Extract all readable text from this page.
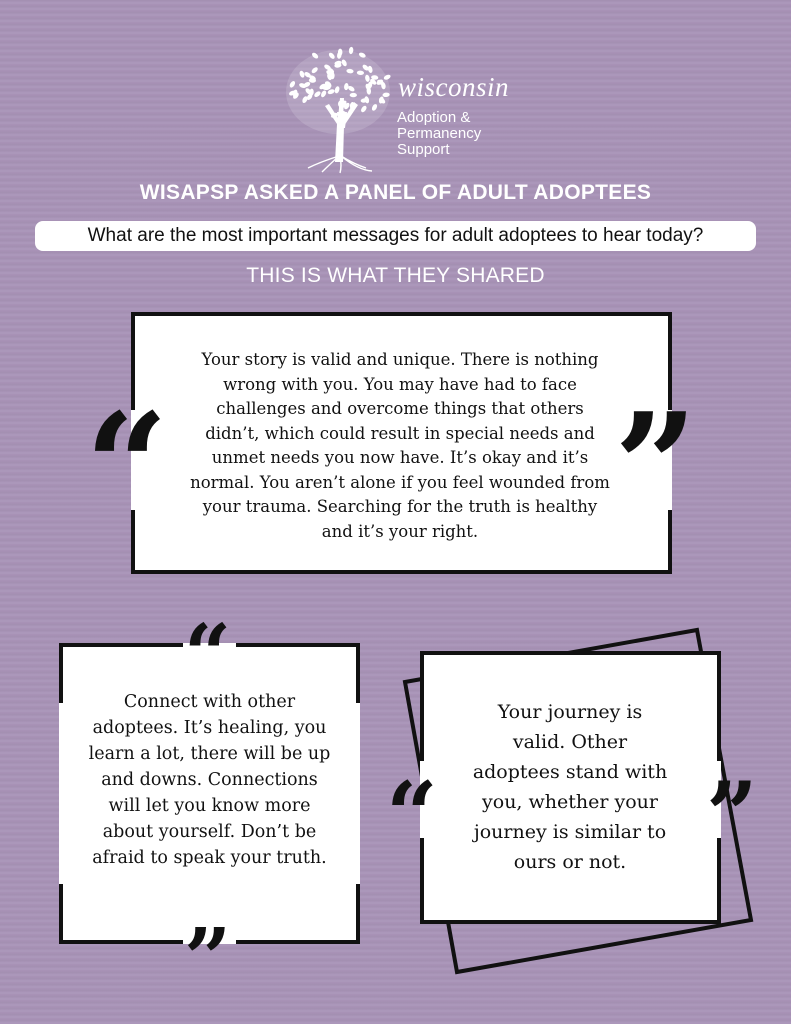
wisconsin
Adoption &
Permanency
Support
WISAPSP ASKED A PANEL OF ADULT ADOPTEES
What are the most important messages for adult adoptees to hear today?
THIS IS WHAT THEY SHARED
Your story is valid and unique. There is nothing wrong with you. You may have had to face challenges and overcome things that others didn’t, which could result in special needs and unmet needs you now have. It’s okay and it’s normal. You aren’t alone if you feel wounded from your trauma. Searching for the truth is healthy and it’s your right.
“	”
Connect with other adoptees. It’s healing, you learn a lot, there will be up and downs. Connections will let you know more about yourself. Don’t be afraid to speak your truth.
“
”
Your journey is valid. Other adoptees stand with you, whether your journey is similar to ours or not.
“	”
